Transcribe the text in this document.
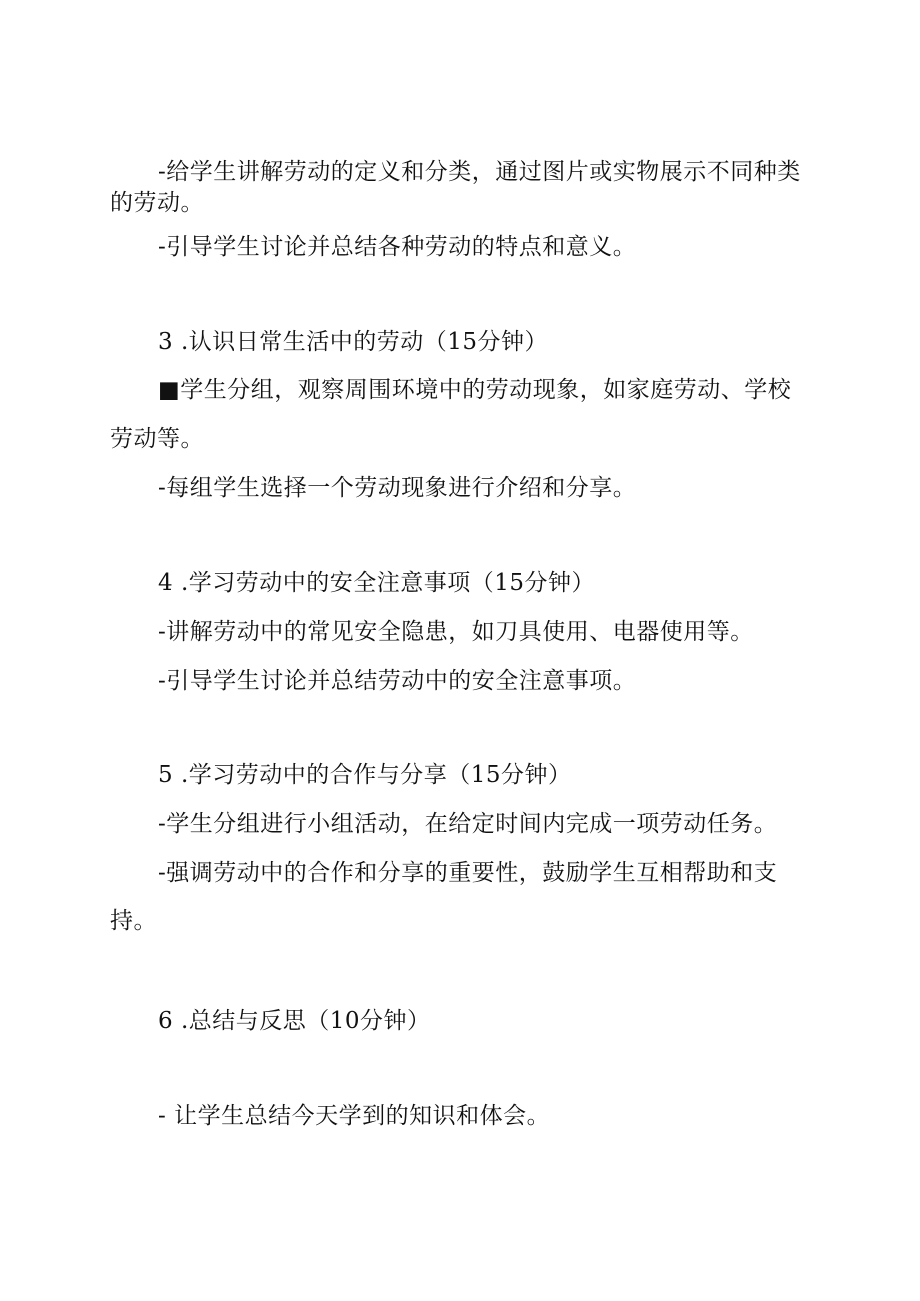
-给学生讲解劳动的定义和分类，通过图片或实物展示不同种类
的劳动。
-引导学生讨论并总结各种劳动的特点和意义。
3 .认识日常生活中的劳动（15分钟）
■学生分组，观察周围环境中的劳动现象，如家庭劳动、学校
劳动等。
-每组学生选择一个劳动现象进行介绍和分享。
4 .学习劳动中的安全注意事项（15分钟）
-讲解劳动中的常见安全隐患，如刀具使用、电器使用等。
-引导学生讨论并总结劳动中的安全注意事项。
5 .学习劳动中的合作与分享（15分钟）
-学生分组进行小组活动，在给定时间内完成一项劳动任务。
-强调劳动中的合作和分享的重要性，鼓励学生互相帮助和支
持。
6 .总结与反思（10分钟）
- 让学生总结今天学到的知识和体会。
